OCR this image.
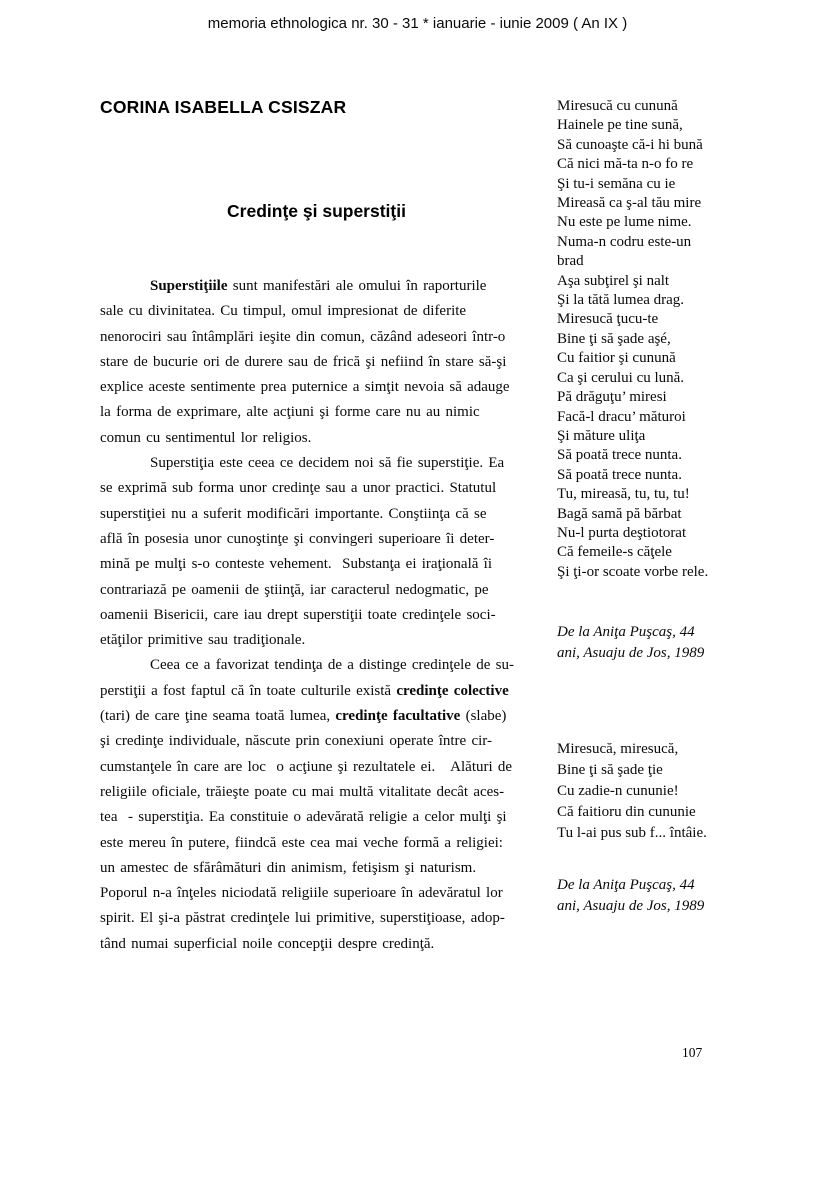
memoria ethnologica nr. 30 - 31 * ianuarie - iunie 2009 ( An IX )
CORINA ISABELLA CSISZAR
Credinţe şi superstiţii
Superstiţiile sunt manifestări ale omului în raporturile
sale cu divinitatea. Cu timpul, omul impresionat de diferite
nenorociri sau întâmplări ieşite din comun, căzând adeseori într-o
stare de bucurie ori de durere sau de frică şi nefiind în stare să-şi
explice aceste sentimente prea puternice a simţit nevoia să adauge
la forma de exprimare, alte acţiuni şi forme care nu au nimic
comun cu sentimentul lor religios.
Superstiţia este ceea ce decidem noi să fie superstiţie. Ea
se exprimă sub forma unor credinţe sau a unor practici. Statutul
superstiţiei nu a suferit modificări importante. Conştiinţa că se
află în posesia unor cunoştinţe şi convingeri superioare îi deter-
mină pe mulţi s-o conteste vehement.  Substanţa ei iraţională îi
contrariază pe oamenii de ştiinţă, iar caracterul nedogmatic, pe
oamenii Bisericii, care iau drept superstiţii toate credinţele soci-
etăţilor primitive sau tradiţionale.
Ceea ce a favorizat tendinţa de a distinge credinţele de su-
perstiţii a fost faptul că în toate culturile există credinţe colective
(tari) de care ţine seama toată lumea, credinţe facultative (slabe)
şi credinţe individuale, născute prin conexiuni operate între cir-
cumstanţele în care are loc  o acţiune şi rezultatele ei.   Alături de
religiile oficiale, trăieşte poate cu mai multă vitalitate decât aces-
tea  - superstiţia. Ea constituie o adevărată religie a celor mulţi şi
este mereu în putere, fiindcă este cea mai veche formă a religiei:
un amestec de sfărâmături din animism, fetişism şi naturism.
Poporul n-a înţeles niciodată religiile superioare în adevăratul lor
spirit. El şi-a păstrat credinţele lui primitive, superstiţioase, adop-
tând numai superficial noile concepţii despre credinţă.
Miresucă cu cunună
Hainele pe tine sună,
Să cunoaşte că-i hi bună
Că nici mă-ta n-o fo re
Şi tu-i semăna cu ie
Mireasă ca ş-al tău mire
Nu este pe lume nime.
Numa-n codru este-un
brad
Aşa subţirel şi nalt
Şi la tătă lumea drag.
Miresucă ţucu-te
Bine ţi să şade aşé,
Cu faitior şi cunună
Ca şi cerului cu lună.
Pă drăguţu’ miresi
Facă-l dracu’ măturoi
Şi măture uliţa
Să poată trece nunta.
Să poată trece nunta.
Tu, mireasă, tu, tu, tu!
Bagă samă pă bărbat
Nu-l purta deştiotorat
Că femeile-s căţele
Şi ţi-or scoate vorbe rele.
De la Aniţa Puşcaş, 44
ani, Asuaju de Jos, 1989
Miresucă, miresucă,
Bine ţi să şade ţie
Cu zadie-n cununie!
Că faitioru din cununie
Tu l-ai pus sub f... întâie.
De la Aniţa Puşcaş, 44
ani, Asuaju de Jos, 1989
107
